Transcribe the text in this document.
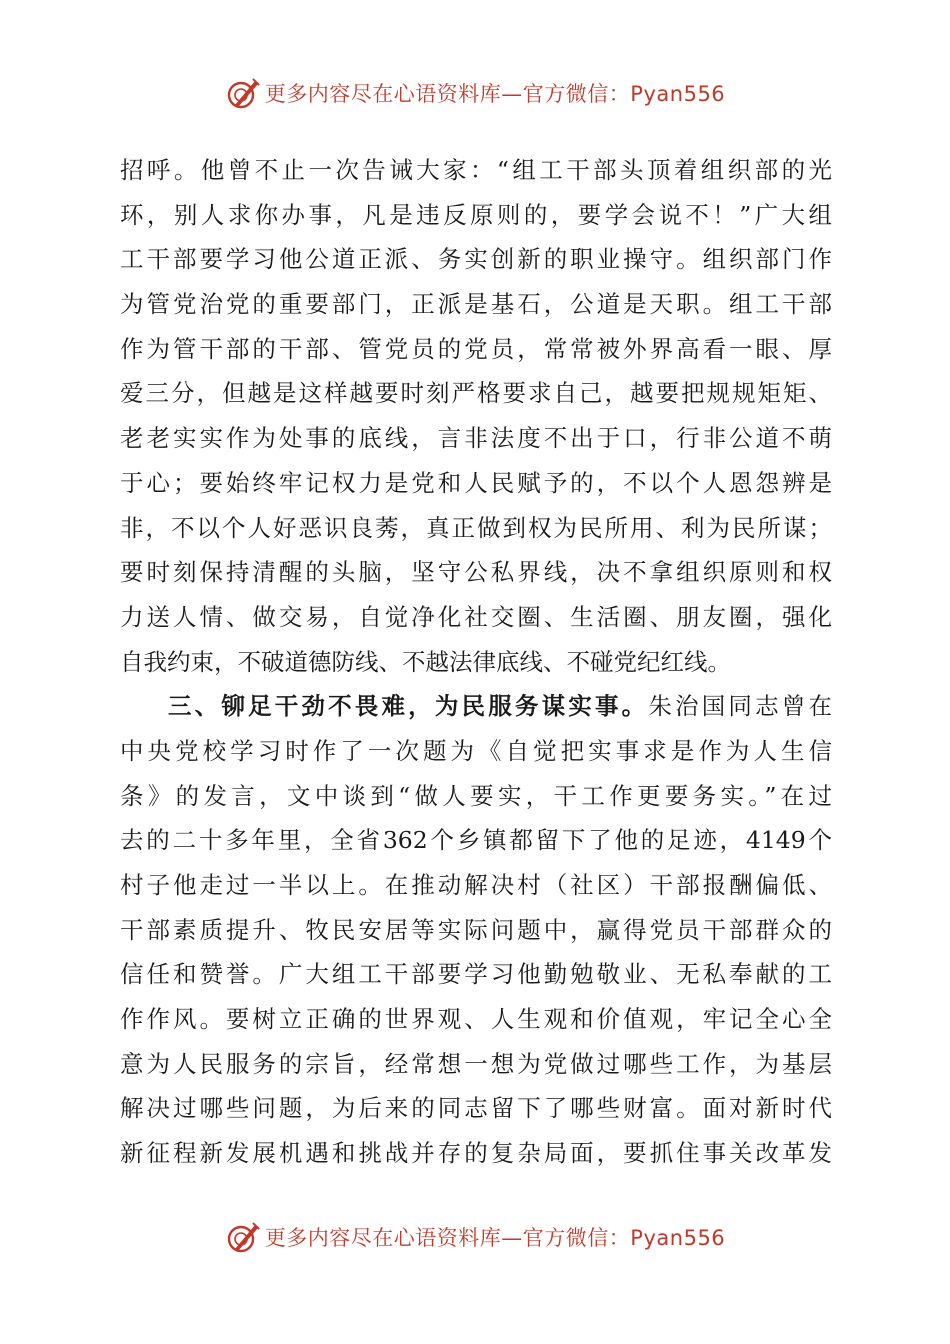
更多内容尽在心语资料库—官方微信：Pyan556
招呼。他曾不止一次告诫大家：“组工干部头顶着组织部的光
环，别人求你办事，凡是违反原则的，要学会说不！”广大组
工干部要学习他公道正派、务实创新的职业操守。组织部门作
为管党治党的重要部门，正派是基石，公道是天职。组工干部
作为管干部的干部、管党员的党员，常常被外界高看一眼、厚
爱三分，但越是这样越要时刻严格要求自己，越要把规规矩矩、
老老实实作为处事的底线，言非法度不出于口，行非公道不萌
于心；要始终牢记权力是党和人民赋予的，不以个人恩怨辨是
非，不以个人好恶识良莠，真正做到权为民所用、利为民所谋；
要时刻保持清醒的头脑，坚守公私界线，决不拿组织原则和权
力送人情、做交易，自觉净化社交圈、生活圈、朋友圈，强化
自我约束，不破道德防线、不越法律底线、不碰党纪红线。
三、铆足干劲不畏难，为民服务谋实事。朱治国同志曾在
中央党校学习时作了一次题为《自觉把实事求是作为人生信
条》的发言，文中谈到“做人要实，干工作更要务实。”在过
去的二十多年里，全省362个乡镇都留下了他的足迹，4149个
村子他走过一半以上。在推动解决村（社区）干部报酬偏低、
干部素质提升、牧民安居等实际问题中，赢得党员干部群众的
信任和赞誉。广大组工干部要学习他勤勉敬业、无私奉献的工
作作风。要树立正确的世界观、人生观和价值观，牢记全心全
意为人民服务的宗旨，经常想一想为党做过哪些工作，为基层
解决过哪些问题，为后来的同志留下了哪些财富。面对新时代
新征程新发展机遇和挑战并存的复杂局面，要抓住事关改革发
更多内容尽在心语资料库—官方微信：Pyan556
